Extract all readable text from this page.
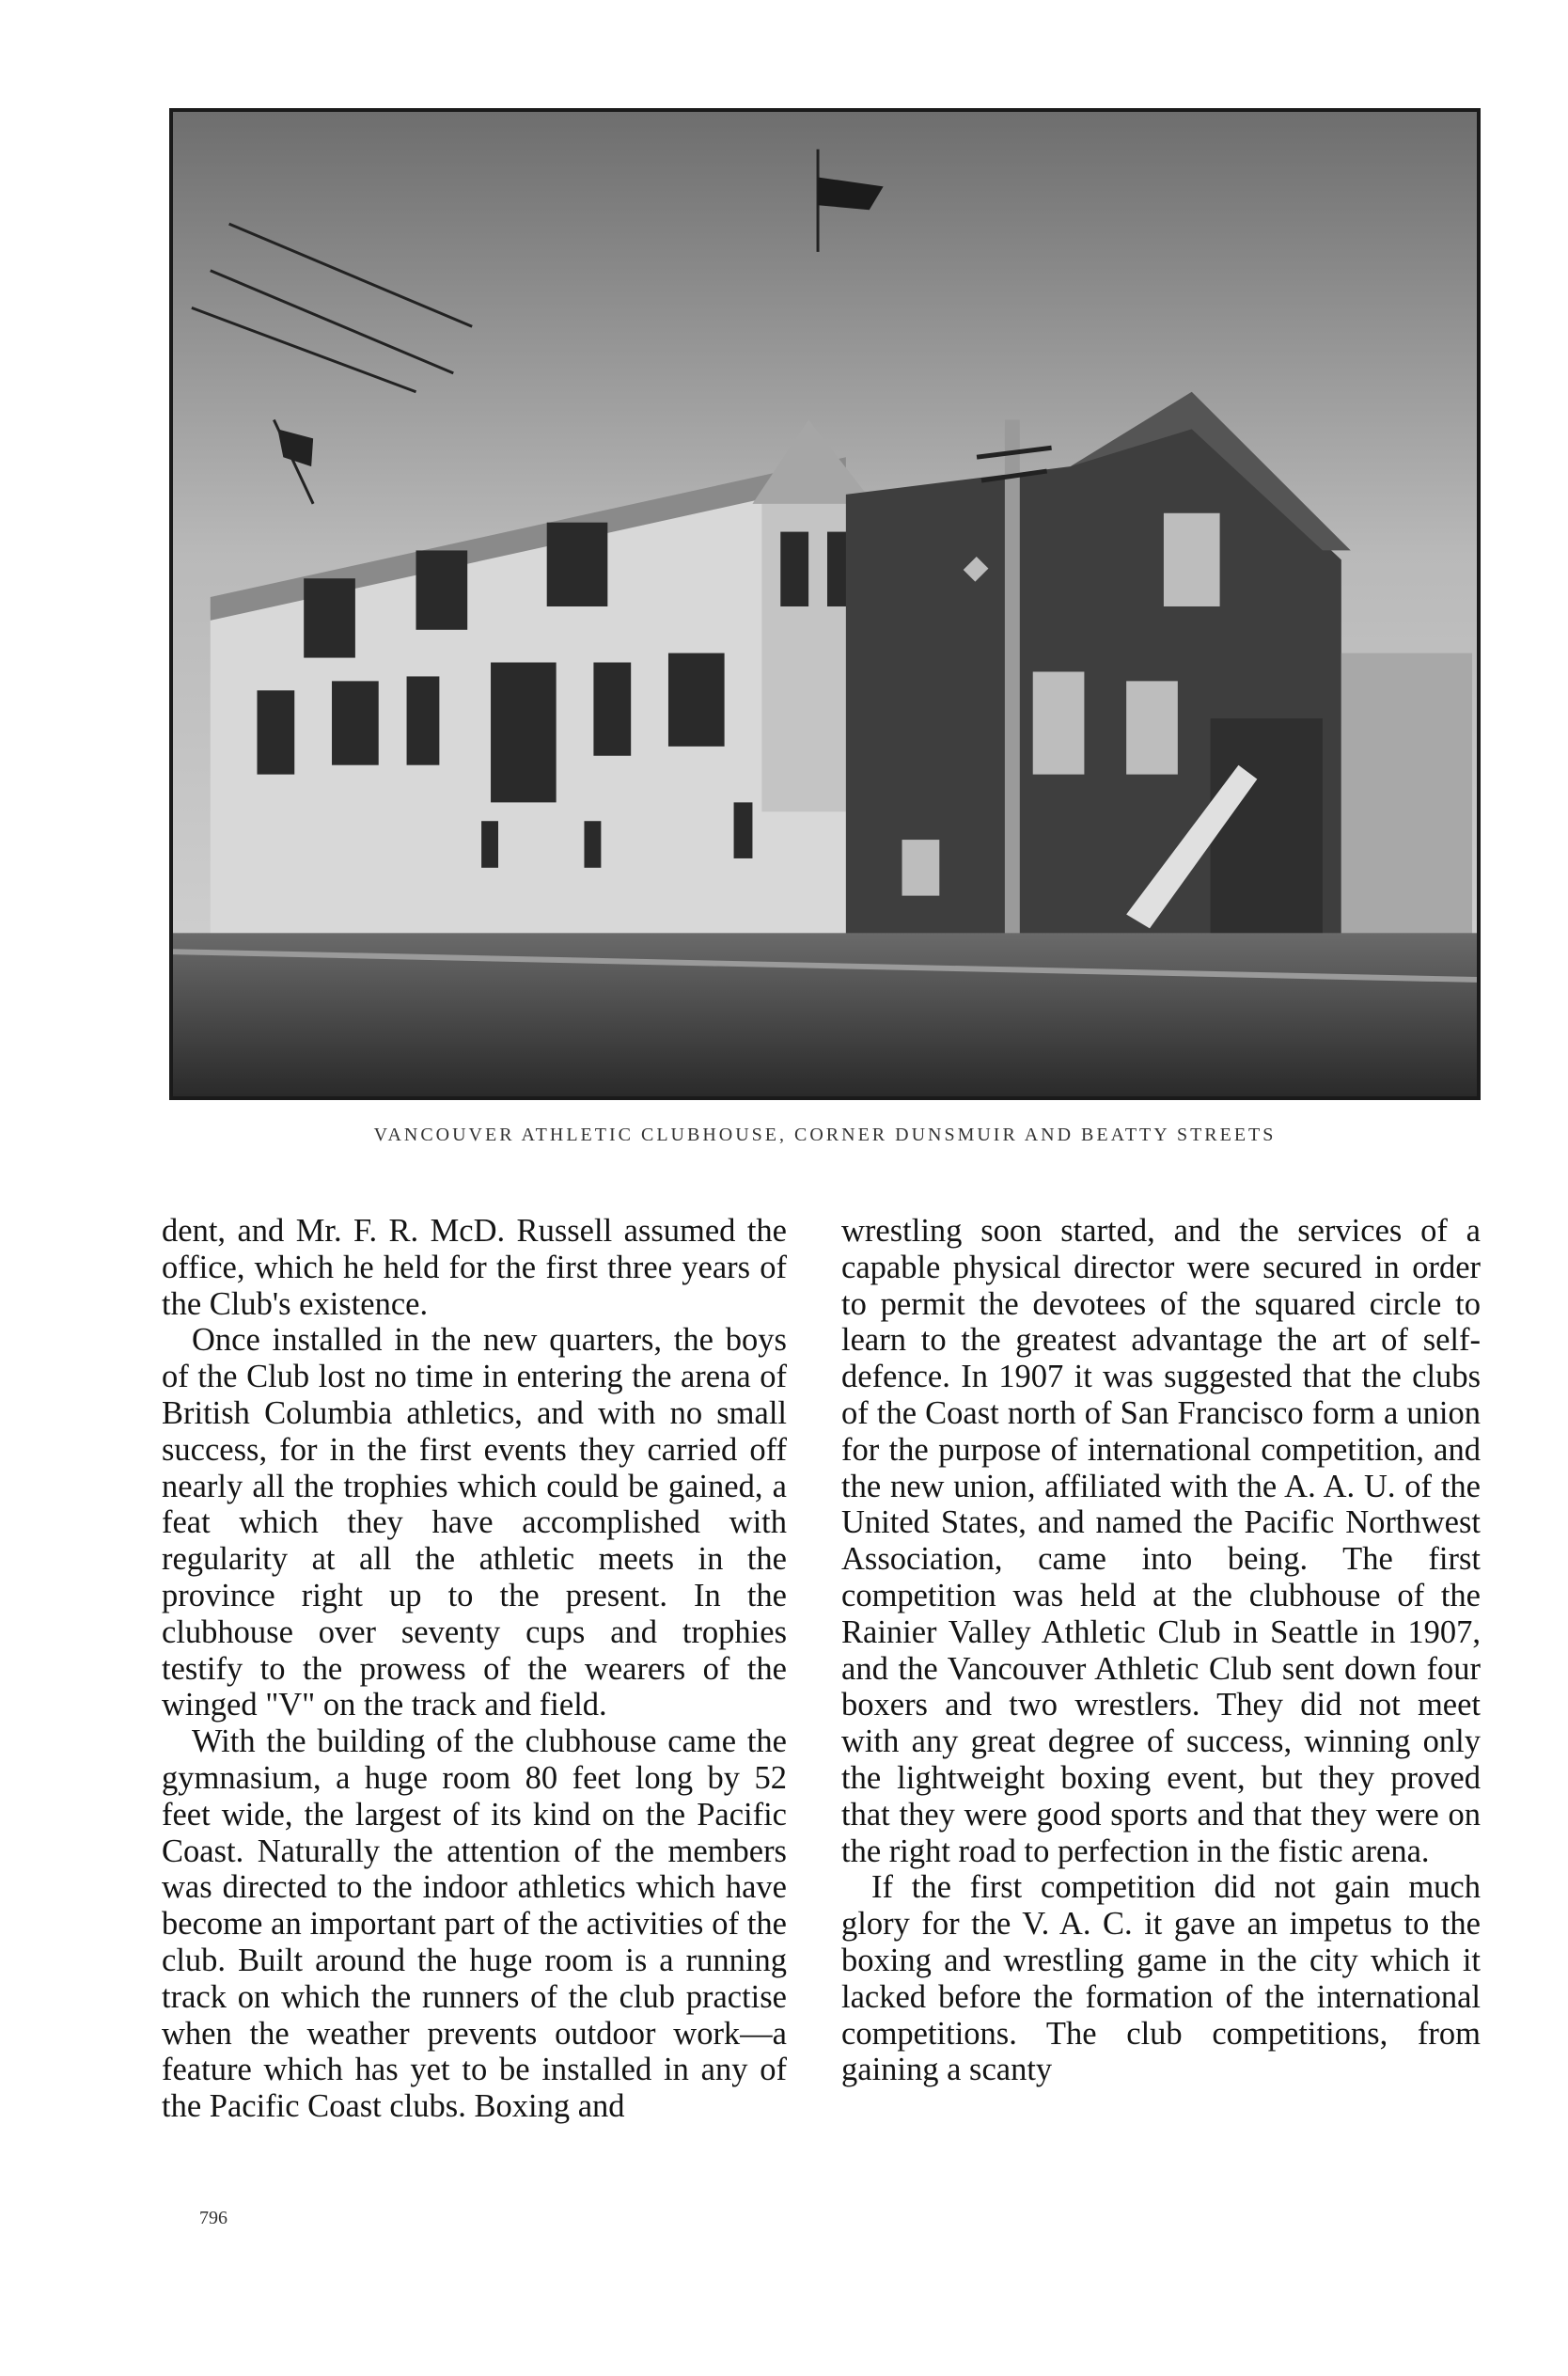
VANCOUVER ATHLETIC CLUBHOUSE, CORNER DUNSMUIR AND BEATTY STREETS

dent, and Mr. F. R. McD. Russell assumed the office, which he held for the first three years of the Club's existence.

Once installed in the new quarters, the boys of the Club lost no time in entering the arena of British Columbia athletics, and with no small success, for in the first events they carried off nearly all the trophies which could be gained, a feat which they have accomplished with regularity at all the athletic meets in the province right up to the present. In the clubhouse over seventy cups and trophies testify to the prowess of the wearers of the winged "V" on the track and field.

With the building of the clubhouse came the gymnasium, a huge room 80 feet long by 52 feet wide, the largest of its kind on the Pacific Coast. Naturally the attention of the members was directed to the indoor athletics which have become an important part of the activities of the club. Built around the huge room is a running track on which the runners of the club practise when the weather prevents outdoor work—a feature which has yet to be installed in any of the Pacific Coast clubs. Boxing and

wrestling soon started, and the services of a capable physical director were secured in order to permit the devotees of the squared circle to learn to the greatest advantage the art of self-defence. In 1907 it was suggested that the clubs of the Coast north of San Francisco form a union for the purpose of international competition, and the new union, affiliated with the A. A. U. of the United States, and named the Pacific Northwest Association, came into being. The first competition was held at the clubhouse of the Rainier Valley Athletic Club in Seattle in 1907, and the Vancouver Athletic Club sent down four boxers and two wrestlers. They did not meet with any great degree of success, winning only the lightweight boxing event, but they proved that they were good sports and that they were on the right road to perfection in the fistic arena.

If the first competition did not gain much glory for the V. A. C. it gave an impetus to the boxing and wrestling game in the city which it lacked before the formation of the international competitions. The club competitions, from gaining a scanty

796
